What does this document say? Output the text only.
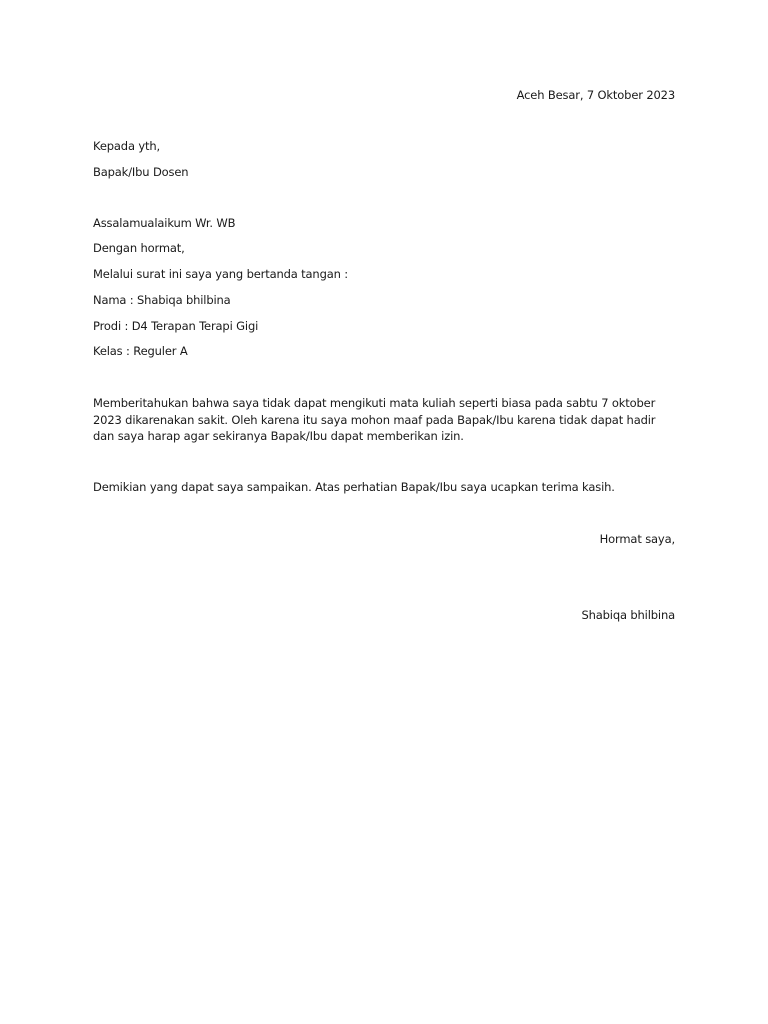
Aceh Besar, 7 Oktober 2023
Kepada yth,
Bapak/Ibu Dosen
Assalamualaikum Wr. WB
Dengan hormat,
Melalui surat ini saya yang bertanda tangan :
Nama : Shabiqa bhilbina
Prodi : D4 Terapan Terapi Gigi
Kelas : Reguler A
Memberitahukan bahwa saya tidak dapat mengikuti mata kuliah seperti biasa pada sabtu 7 oktober 2023 dikarenakan sakit. Oleh karena itu saya mohon maaf pada Bapak/Ibu karena tidak dapat hadir dan saya harap agar sekiranya Bapak/Ibu dapat memberikan izin.
Demikian yang dapat saya sampaikan. Atas perhatian Bapak/Ibu saya ucapkan terima kasih.
Hormat saya,
Shabiqa bhilbina
